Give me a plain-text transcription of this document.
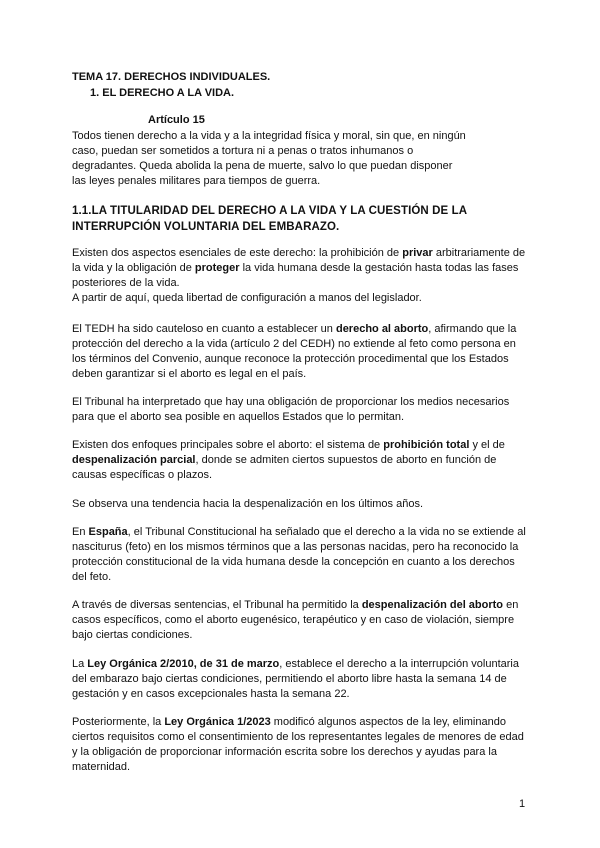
TEMA 17. DERECHOS INDIVIDUALES.
1. EL DERECHO A LA VIDA.
Artículo 15
Todos tienen derecho a la vida y a la integridad física y moral, sin que, en ningún
caso, puedan ser sometidos a tortura ni a penas o tratos inhumanos o
degradantes. Queda abolida la pena de muerte, salvo lo que puedan disponer
las leyes penales militares para tiempos de guerra.
1.1.LA TITULARIDAD DEL DERECHO A LA VIDA Y LA CUESTIÓN DE LA
INTERRUPCIÓN VOLUNTARIA DEL EMBARAZO.

Existen dos aspectos esenciales de este derecho: la prohibición de privar arbitrariamente de la vida y la obligación de proteger la vida humana desde la gestación hasta todas las fases posteriores de la vida.

A partir de aquí, queda libertad de configuración a manos del legislador.

El TEDH ha sido cauteloso en cuanto a establecer un derecho al aborto, afirmando que la protección del derecho a la vida (artículo 2 del CEDH) no extiende al feto como persona en los términos del Convenio, aunque reconoce la protección procedimental que los Estados deben garantizar si el aborto es legal en el país.

El Tribunal ha interpretado que hay una obligación de proporcionar los medios necesarios para que el aborto sea posible en aquellos Estados que lo permitan.

Existen dos enfoques principales sobre el aborto: el sistema de prohibición total y el de despenalización parcial, donde se admiten ciertos supuestos de aborto en función de causas específicas o plazos.

Se observa una tendencia hacia la despenalización en los últimos años.

En España, el Tribunal Constitucional ha señalado que el derecho a la vida no se extiende al nasciturus (feto) en los mismos términos que a las personas nacidas, pero ha reconocido la protección constitucional de la vida humana desde la concepción en cuanto a los derechos del feto.

A través de diversas sentencias, el Tribunal ha permitido la despenalización del aborto en casos específicos, como el aborto eugenésico, terapéutico y en caso de violación, siempre bajo ciertas condiciones.

La Ley Orgánica 2/2010, de 31 de marzo, establece el derecho a la interrupción voluntaria del embarazo bajo ciertas condiciones, permitiendo el aborto libre hasta la semana 14 de gestación y en casos excepcionales hasta la semana 22.

Posteriormente, la Ley Orgánica 1/2023 modificó algunos aspectos de la ley, eliminando ciertos requisitos como el consentimiento de los representantes legales de menores de edad y la obligación de proporcionar información escrita sobre los derechos y ayudas para la maternidad.

1
